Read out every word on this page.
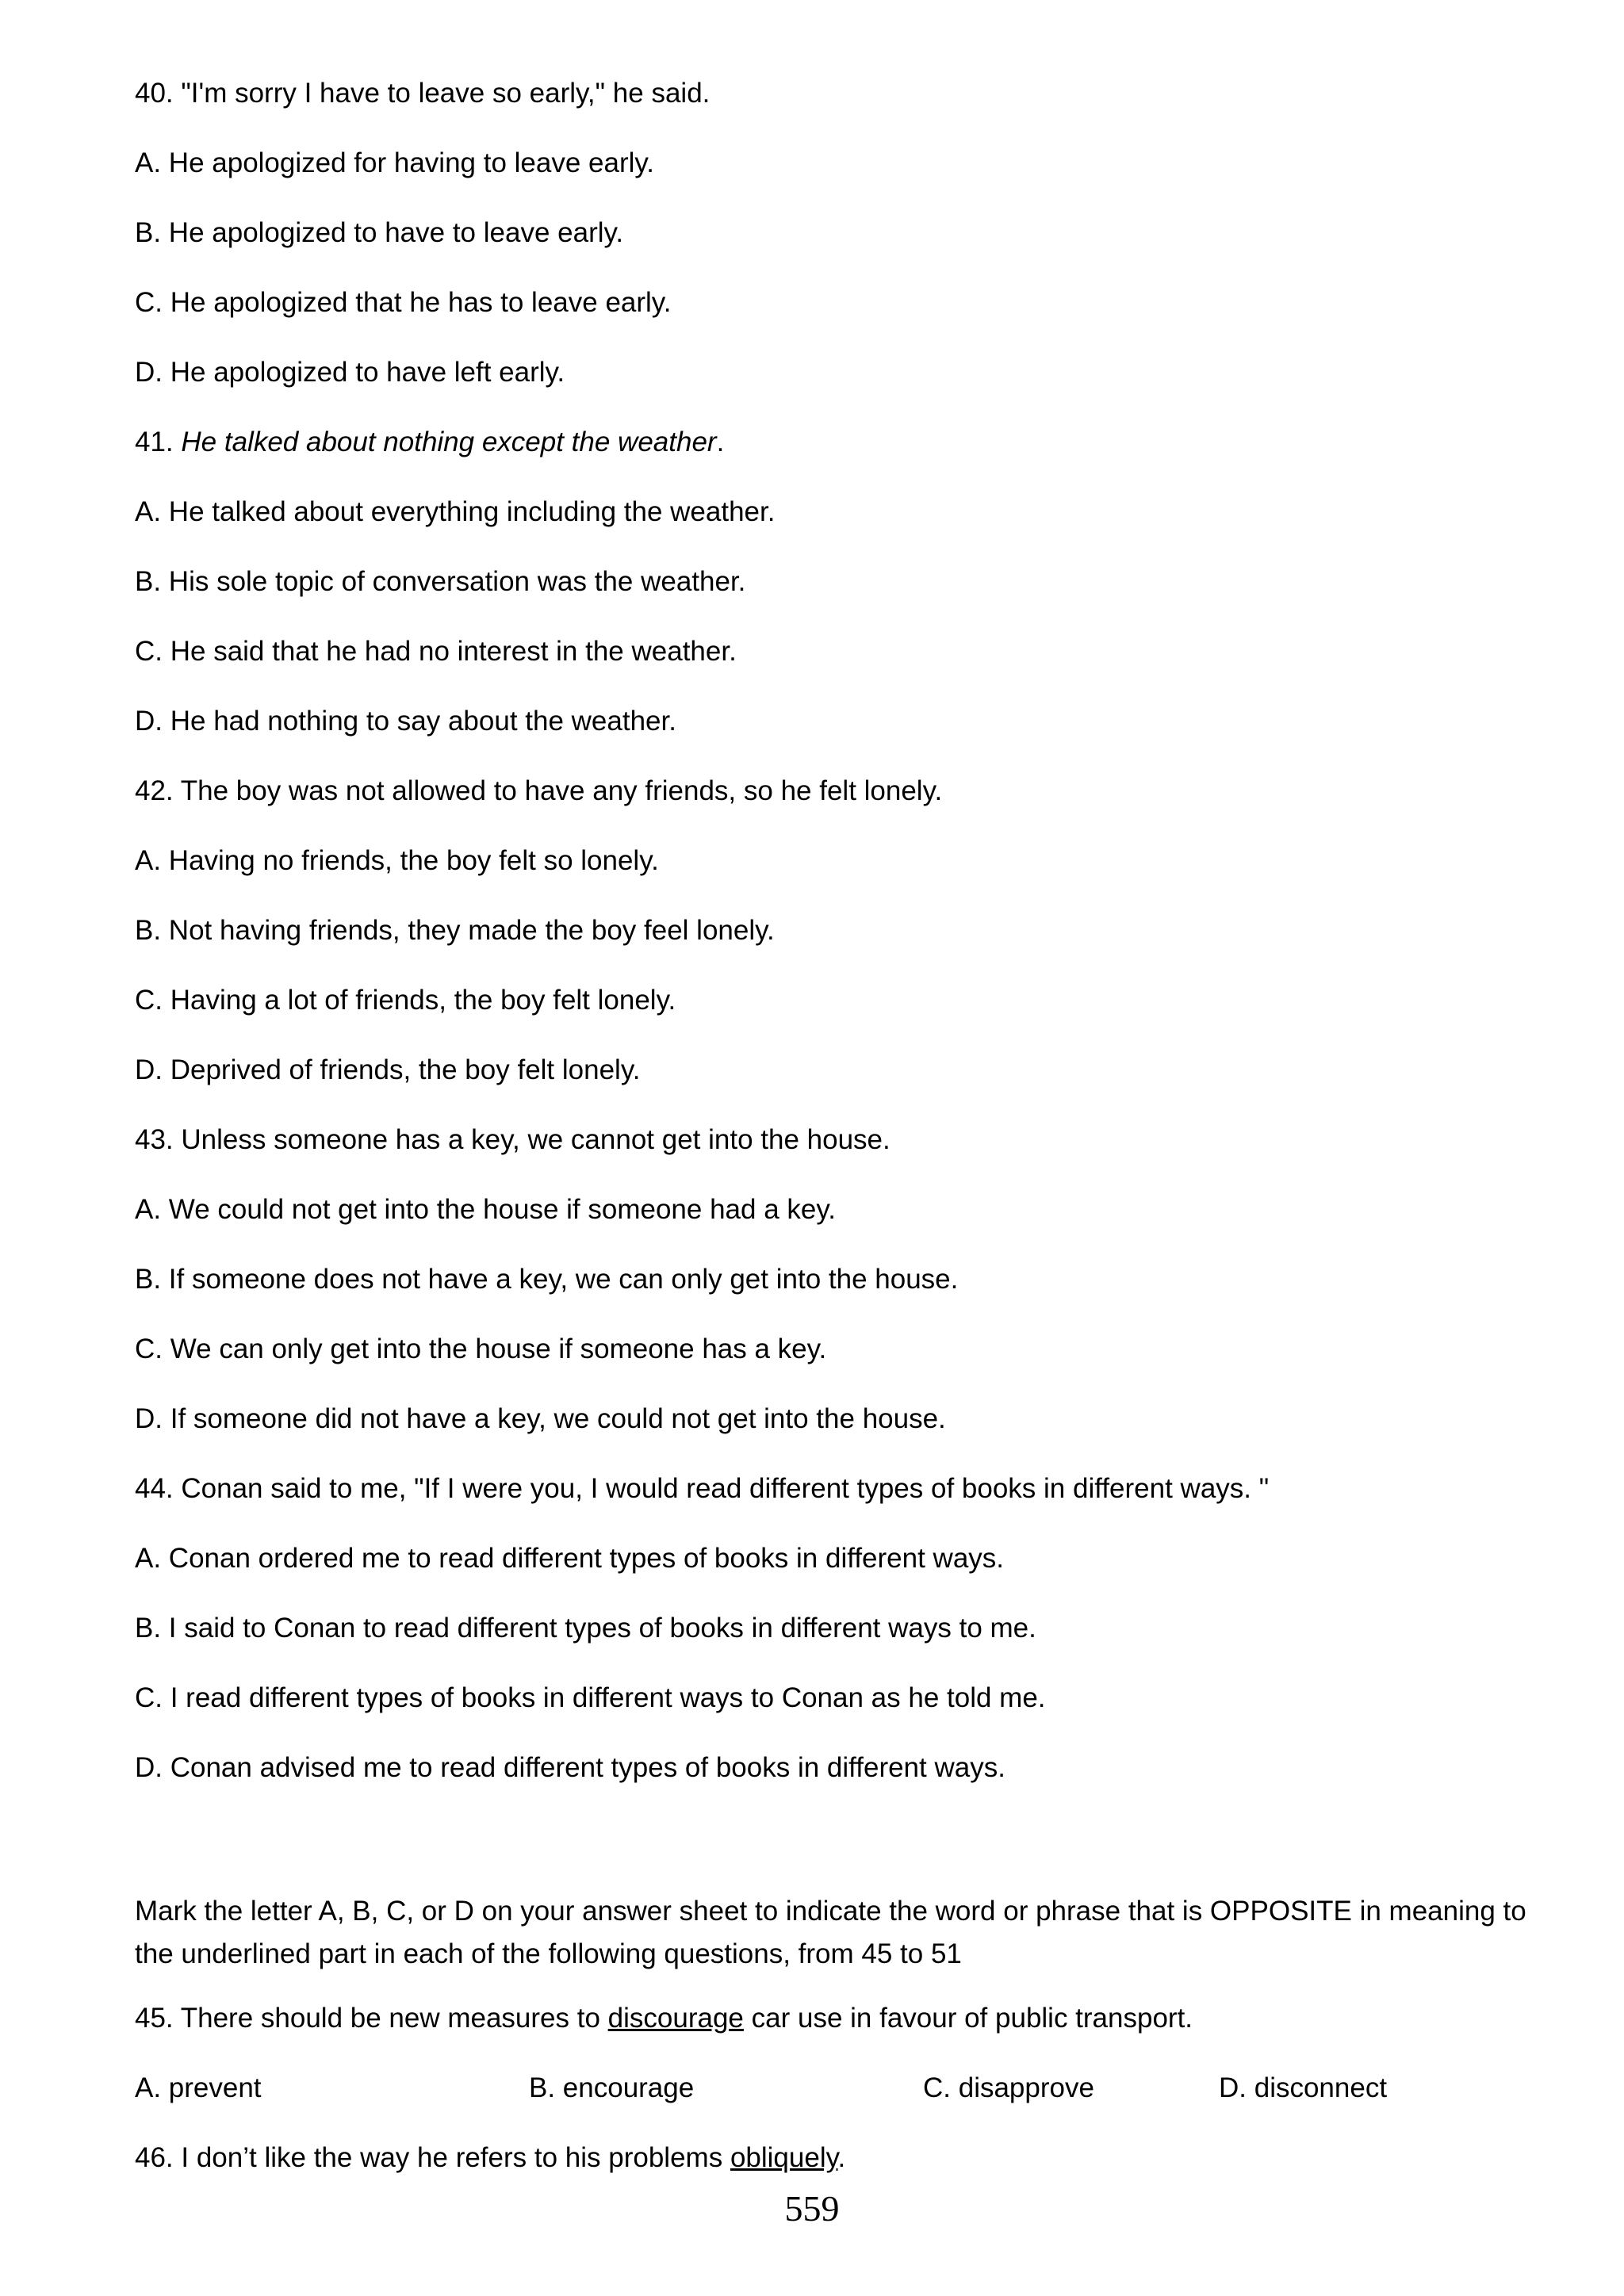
40. "I'm sorry I have to leave so early," he said.
A. He apologized for having to leave early.
B. He apologized to have to leave early.
C. He apologized that he has to leave early.
D. He apologized to have left early.
41. He talked about nothing except the weather.
A. He talked about everything including the weather.
B. His sole topic of conversation was the weather.
C. He said that he had no interest in the weather.
D. He had nothing to say about the weather.
42. The boy was not allowed to have any friends, so he felt lonely.
A. Having no friends, the boy felt so lonely.
B. Not having friends, they made the boy feel lonely.
C. Having a lot of friends, the boy felt lonely.
D. Deprived of friends, the boy felt lonely.
43. Unless someone has a key, we cannot get into the house.
A. We could not get into the house if someone had a key.
B. If someone does not have a key, we can only get into the house.
C. We can only get into the house if someone has a key.
D. If someone did not have a key, we could not get into the house.
44. Conan said to me, "If I were you, I would read different types of books in different ways. "
A. Conan ordered me to read different types of books in different ways.
B. I said to Conan to read different types of books in different ways to me.
C. I read different types of books in different ways to Conan as he told me.
D. Conan advised me to read different types of books in different ways.
Mark the letter A, B, C, or D on your answer sheet to indicate the word or phrase that is OPPOSITE in meaning to the underlined part in each of the following questions, from 45 to 51
45. There should be new measures to discourage car use in favour of public transport.
A. prevent	B. encourage	C. disapprove	D. disconnect
46. I don’t like the way he refers to his problems obliquely.
559
